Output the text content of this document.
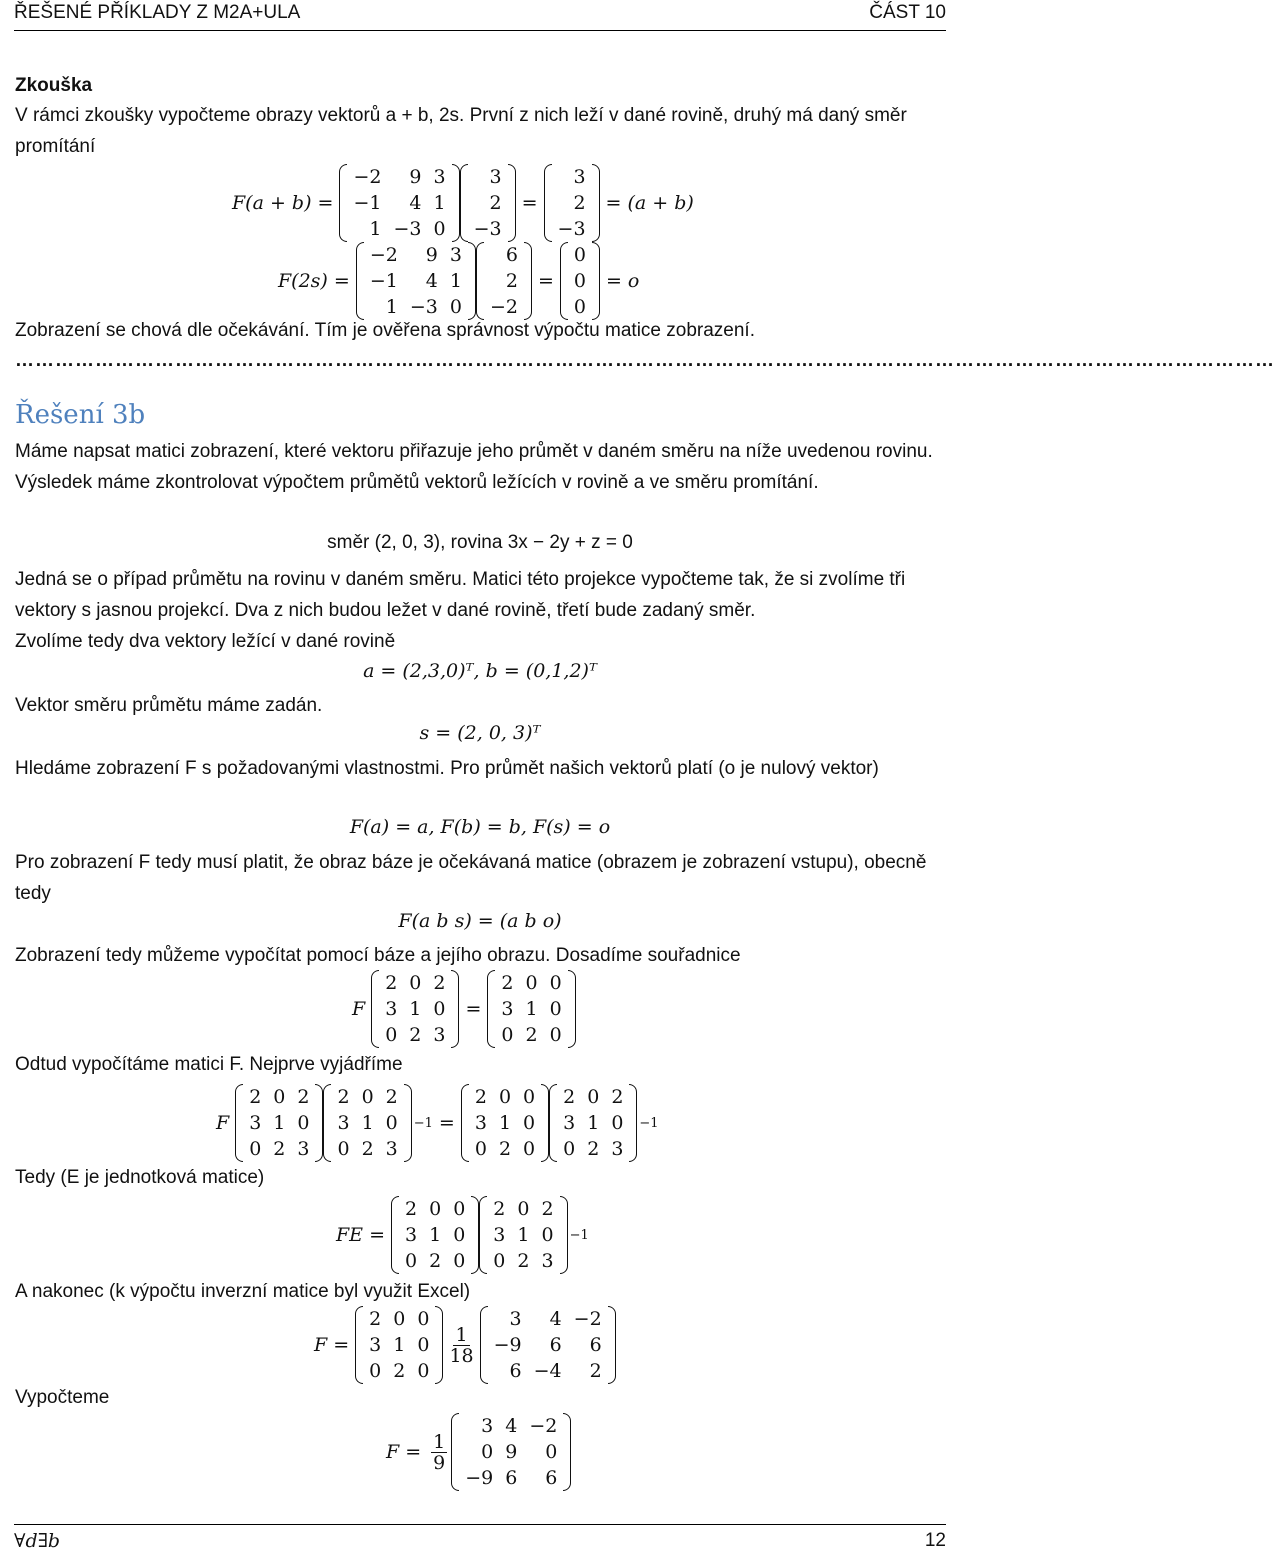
ŘEŠENÉ PŘÍKLADY Z M2A+ULA	ČÁST 10
Zkouška
V rámci zkoušky vypočteme obrazy vektorů a + b, 2s. První z nich leží v dané rovině, druhý má daný směr promítání
F(a + b) =
−2	9	3
−1	4	1
1	−3	0
3
2
−3
=
3
2
−3
= (a + b)
F(2s) =
−2	9	3
−1	4	1
1	−3	0
6
2
−2
=
0
0
0
= o
Zobrazení se chová dle očekávání. Tím je ověřena správnost výpočtu matice zobrazení.
………………………………………………………………………………………………………………………………………………………………………
Řešení 3b
Máme napsat matici zobrazení, které vektoru přiřazuje jeho průmět v daném směru na níže uvedenou rovinu. Výsledek máme zkontrolovat výpočtem průmětů vektorů ležících v rovině a ve směru promítání.
směr (2, 0, 3), rovina 3x − 2y + z = 0
Jedná se o případ průmětu na rovinu v daném směru. Matici této projekce vypočteme tak, že si zvolíme tři vektory s jasnou projekcí. Dva z nich budou ležet v dané rovině, třetí bude zadaný směr.
Zvolíme tedy dva vektory ležící v dané rovině
a = (2,3,0)ᵀ, b = (0,1,2)ᵀ
Vektor směru průmětu máme zadán.
s = (2, 0, 3)ᵀ
Hledáme zobrazení F s požadovanými vlastnostmi. Pro průmět našich vektorů platí (o je nulový vektor)
F(a) = a, F(b) = b, F(s) = o
Pro zobrazení F tedy musí platit, že obraz báze je očekávaná matice (obrazem je zobrazení vstupu), obecně tedy
F(a b s) = (a b o)
Zobrazení tedy můžeme vypočítat pomocí báze a jejího obrazu. Dosadíme souřadnice
F
2	0	2
3	1	0
0	2	3
=
2	0	0
3	1	0
0	2	0
Odtud vypočítáme matici F. Nejprve vyjádříme
F
2	0	2
3	1	0
0	2	3
2	0	2
3	1	0
0	2	3
−1 =
2	0	0
3	1	0
0	2	0
2	0	2
3	1	0
0	2	3
−1
Tedy (E je jednotková matice)
FE =
2	0	0
3	1	0
0	2	0
2	0	2
3	1	0
0	2	3
−1
A nakonec (k výpočtu inverzní matice byl využit Excel)
F =
2	0	0
3	1	0
0	2	0
$\frac{1}{18}$
3	4	−2
−9	6	6
6	−4	2
Vypočteme
$F = \frac{1}{9}$
3	4	−2
0	9	0
−9	6	6
∀d∃b	12
